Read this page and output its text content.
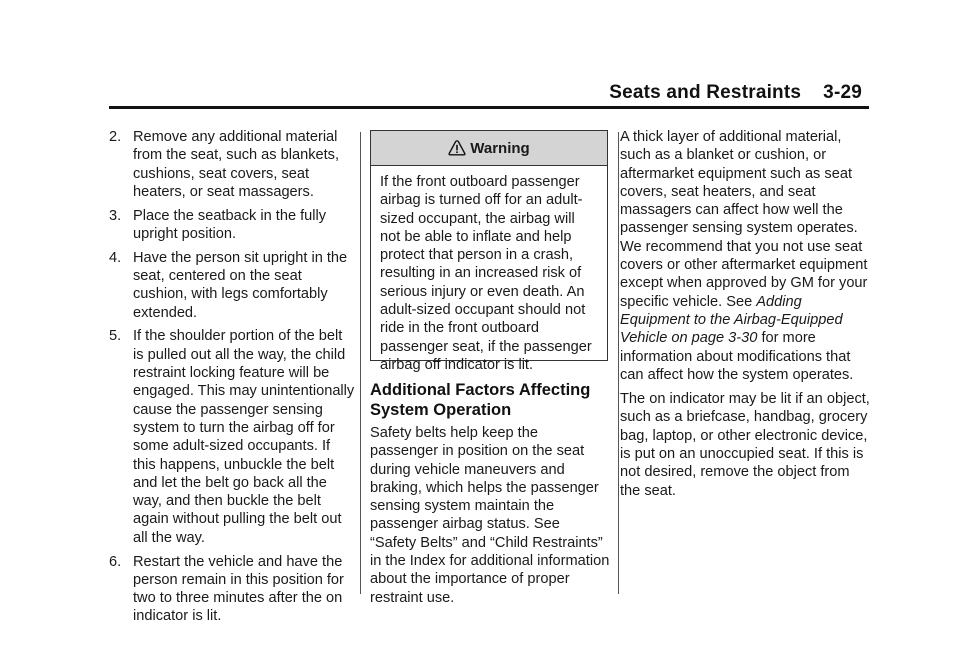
Seats and Restraints 3-29
2. Remove any additional material from the seat, such as blankets, cushions, seat covers, seat heaters, or seat massagers.
3. Place the seatback in the fully upright position.
4. Have the person sit upright in the seat, centered on the seat cushion, with legs comfortably extended.
5. If the shoulder portion of the belt is pulled out all the way, the child restraint locking feature will be engaged. This may unintentionally cause the passenger sensing system to turn the airbag off for some adult-sized occupants. If this happens, unbuckle the belt and let the belt go back all the way, and then buckle the belt again without pulling the belt out all the way.
6. Restart the vehicle and have the person remain in this position for two to three minutes after the on indicator is lit.
Warning
If the front outboard passenger airbag is turned off for an adult-sized occupant, the airbag will not be able to inflate and help protect that person in a crash, resulting in an increased risk of serious injury or even death. An adult-sized occupant should not ride in the front outboard passenger seat, if the passenger airbag off indicator is lit.
Additional Factors Affecting System Operation
Safety belts help keep the passenger in position on the seat during vehicle maneuvers and braking, which helps the passenger sensing system maintain the passenger airbag status. See “Safety Belts” and “Child Restraints” in the Index for additional information about the importance of proper restraint use.

A thick layer of additional material, such as a blanket or cushion, or aftermarket equipment such as seat covers, seat heaters, and seat massagers can affect how well the passenger sensing system operates. We recommend that you not use seat covers or other aftermarket equipment except when approved by GM for your specific vehicle. See Adding Equipment to the Airbag-Equipped Vehicle on page 3-30 for more information about modifications that can affect how the system operates.

The on indicator may be lit if an object, such as a briefcase, handbag, grocery bag, laptop, or other electronic device, is put on an unoccupied seat. If this is not desired, remove the object from the seat.
